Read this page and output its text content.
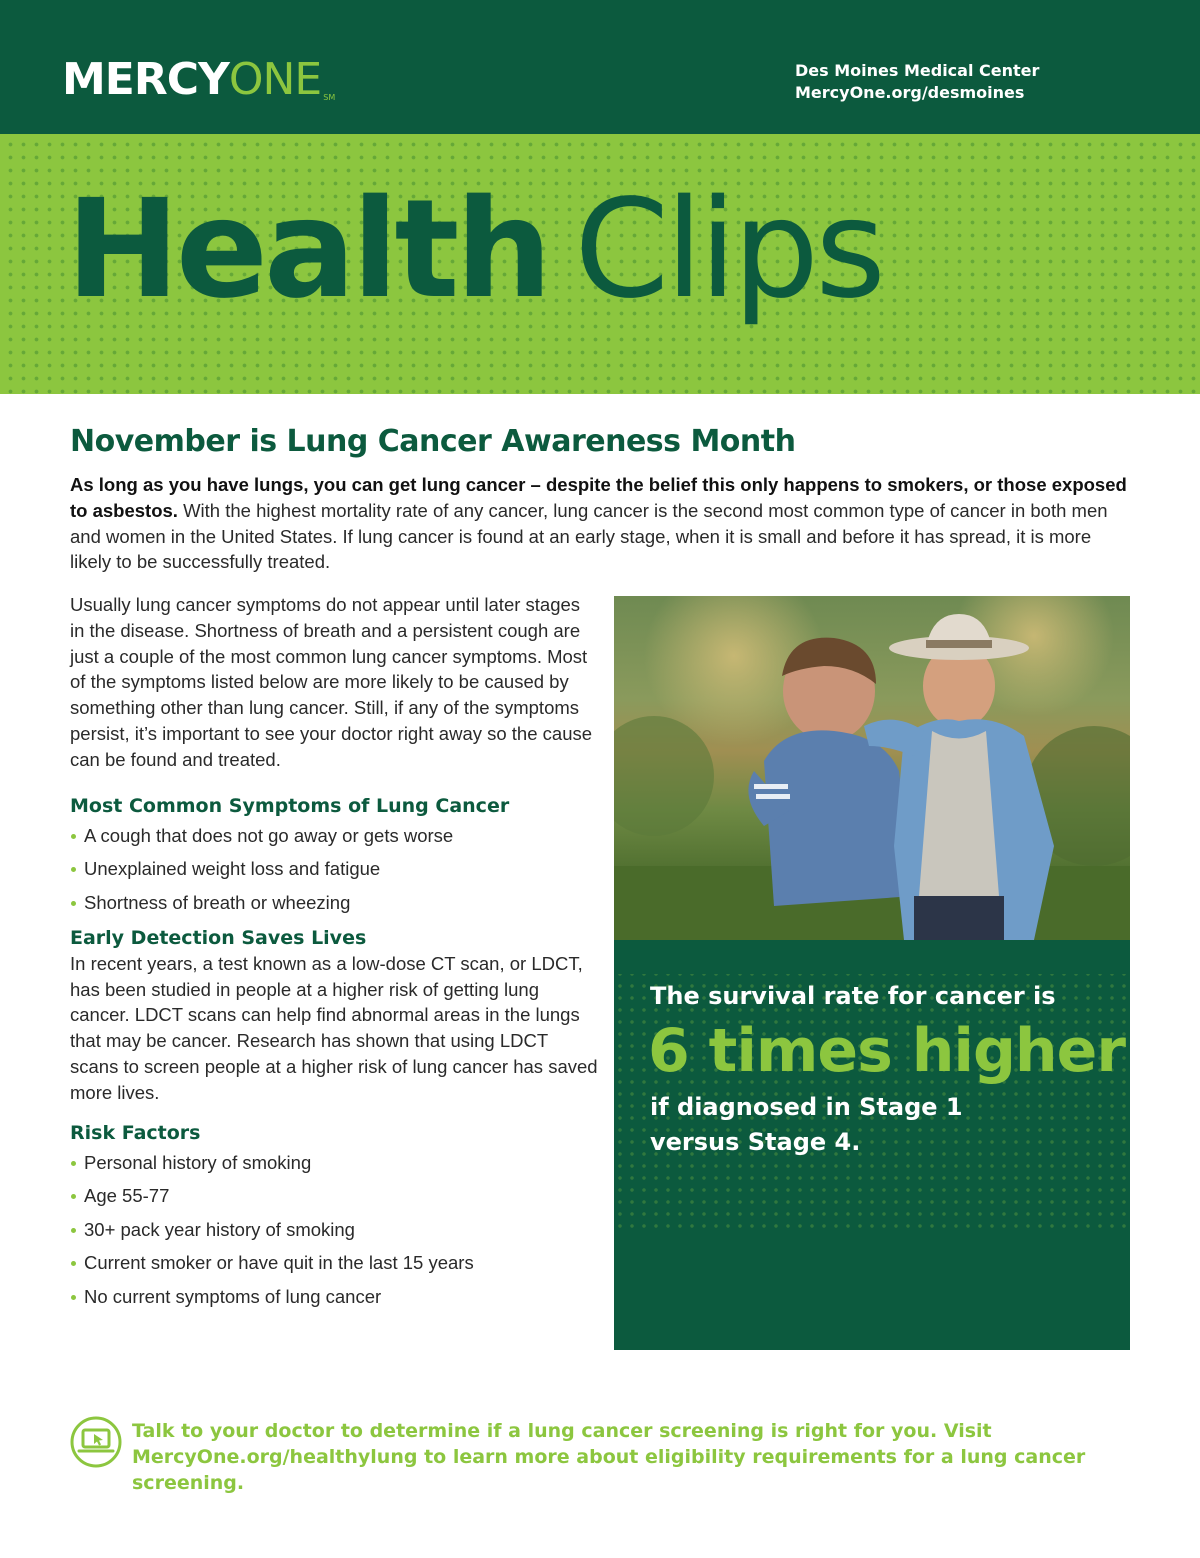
MERCYONE SM
Des Moines Medical Center
MercyOne.org/desmoines
Health Clips
November is Lung Cancer Awareness Month

As long as you have lungs, you can get lung cancer – despite the belief this only happens to smokers, or those exposed to asbestos. With the highest mortality rate of any cancer, lung cancer is the second most common type of cancer in both men and women in the United States. If lung cancer is found at an early stage, when it is small and before it has spread, it is more likely to be successfully treated.

Usually lung cancer symptoms do not appear until later stages in the disease. Shortness of breath and a persistent cough are just a couple of the most common lung cancer symptoms. Most of the symptoms listed below are more likely to be caused by something other than lung cancer. Still, if any of the symptoms persist, it’s important to see your doctor right away so the cause can be found and treated.

Most Common Symptoms of Lung Cancer
A cough that does not go away or gets worse
Unexplained weight loss and fatigue
Shortness of breath or wheezing
Early Detection Saves Lives

In recent years, a test known as a low-dose CT scan, or LDCT, has been studied in people at a higher risk of getting lung cancer. LDCT scans can help find abnormal areas in the lungs that may be cancer. Research has shown that using LDCT scans to screen people at a higher risk of lung cancer has saved more lives.

Risk Factors
Personal history of smoking
Age 55-77
30+ pack year history of smoking
Current smoker or have quit in the last 15 years
No current symptoms of lung cancer
The survival rate for cancer is
6 times higher
if diagnosed in Stage 1
versus Stage 4.
Talk to your doctor to determine if a lung cancer screening is right for you. Visit
MercyOne.org/healthylung to learn more about eligibility requirements for a lung cancer screening.
